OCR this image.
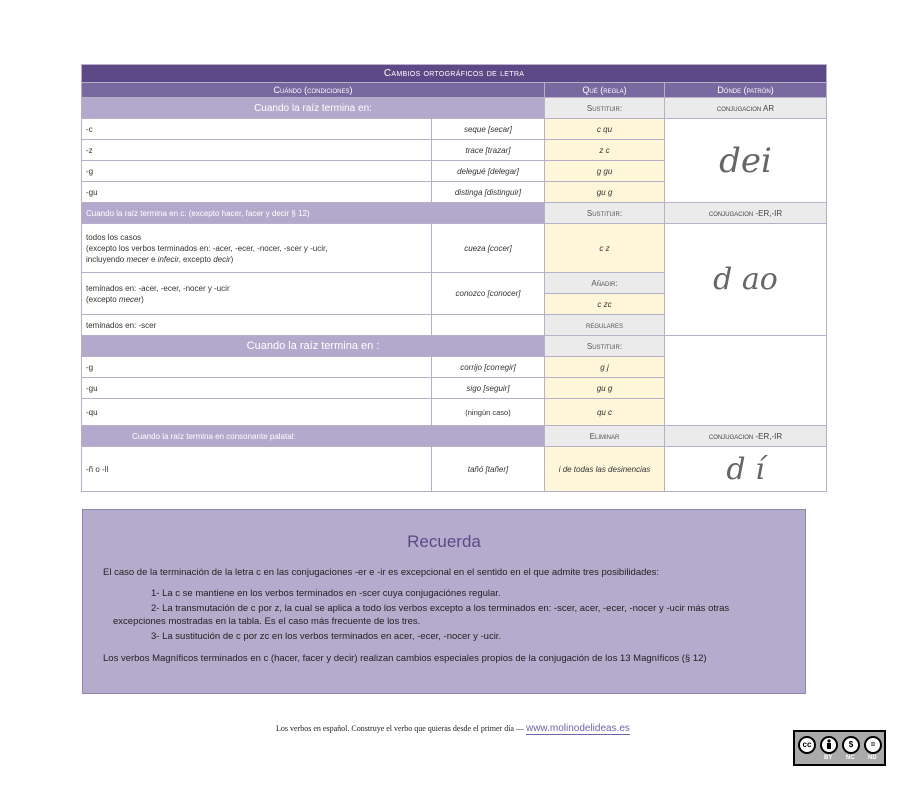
Cambios ortográficos de letra			
Cuándo (condiciones)		Qué (regla)	Dónde (patrón)
Cuando la raíz termina en:		Sustituir:	conjugacion AR
-c	seque [secar]	c qu	dei
-z	trace [trazar]	z c	
-g	delegué [delegar]	g gu	
-gu	distinga [distinguir]	gu g	
Cuando la raíz termina en c: (excepto hacer, facer y decir § 12)		Sustituir:	conjugacion -ER,-IR

todos los casos
(excepto los verbos terminados en: -acer, -ecer, -nocer, -scer y -ucir,
incluyendo mecer e infecir, excepto decir)	cueza [cocer]	c z	d ao

teminados en: -acer, -ecer, -nocer y -ucir
(excepto mecer)	conozco [conocer]	Añadir:	
		c zc	
teminados en: -scer		regulares	
Cuando la raíz termina en :		Sustituir:	
-g	corrijo [corregir]	g j	
-gu	sigo [seguir]	gu g	
-qu	(ningún caso)	qu c	
Cuando la raíz termina en consonante palatal:		Eliminar	conjugacion -ER,-IR
-ñ o -ll	tañó [tañer]	i de todas las desinencias	d í
Recuerda

El caso de la terminación de la letra c en las conjugaciones -er e -ir es excepcional en el sentido en el que admite tres posibilidades:

1- La c se mantiene en los verbos terminados en -scer cuya conjugaciónes regular.

2- La transmutación de c por z, la cual se aplica a todo los verbos excepto a los terminados en: -scer, acer, -ecer, -nocer y -ucir más otras

excepciones mostradas en la tabla. Es el caso más frecuente de los tres.

3- La sustitución de c por zc en los verbos terminados en acer, -ecer, -nocer y -ucir.

Los verbos Magníficos terminados en c (hacer, facer y decir) realizan cambios especiales propios de la conjugación de los 13 Magníficos (§ 12)

Los verbos en español. Construye el verbo que quieras desde el primer día — www.molinodelideas.es
cc	$	=
BY NC ND
